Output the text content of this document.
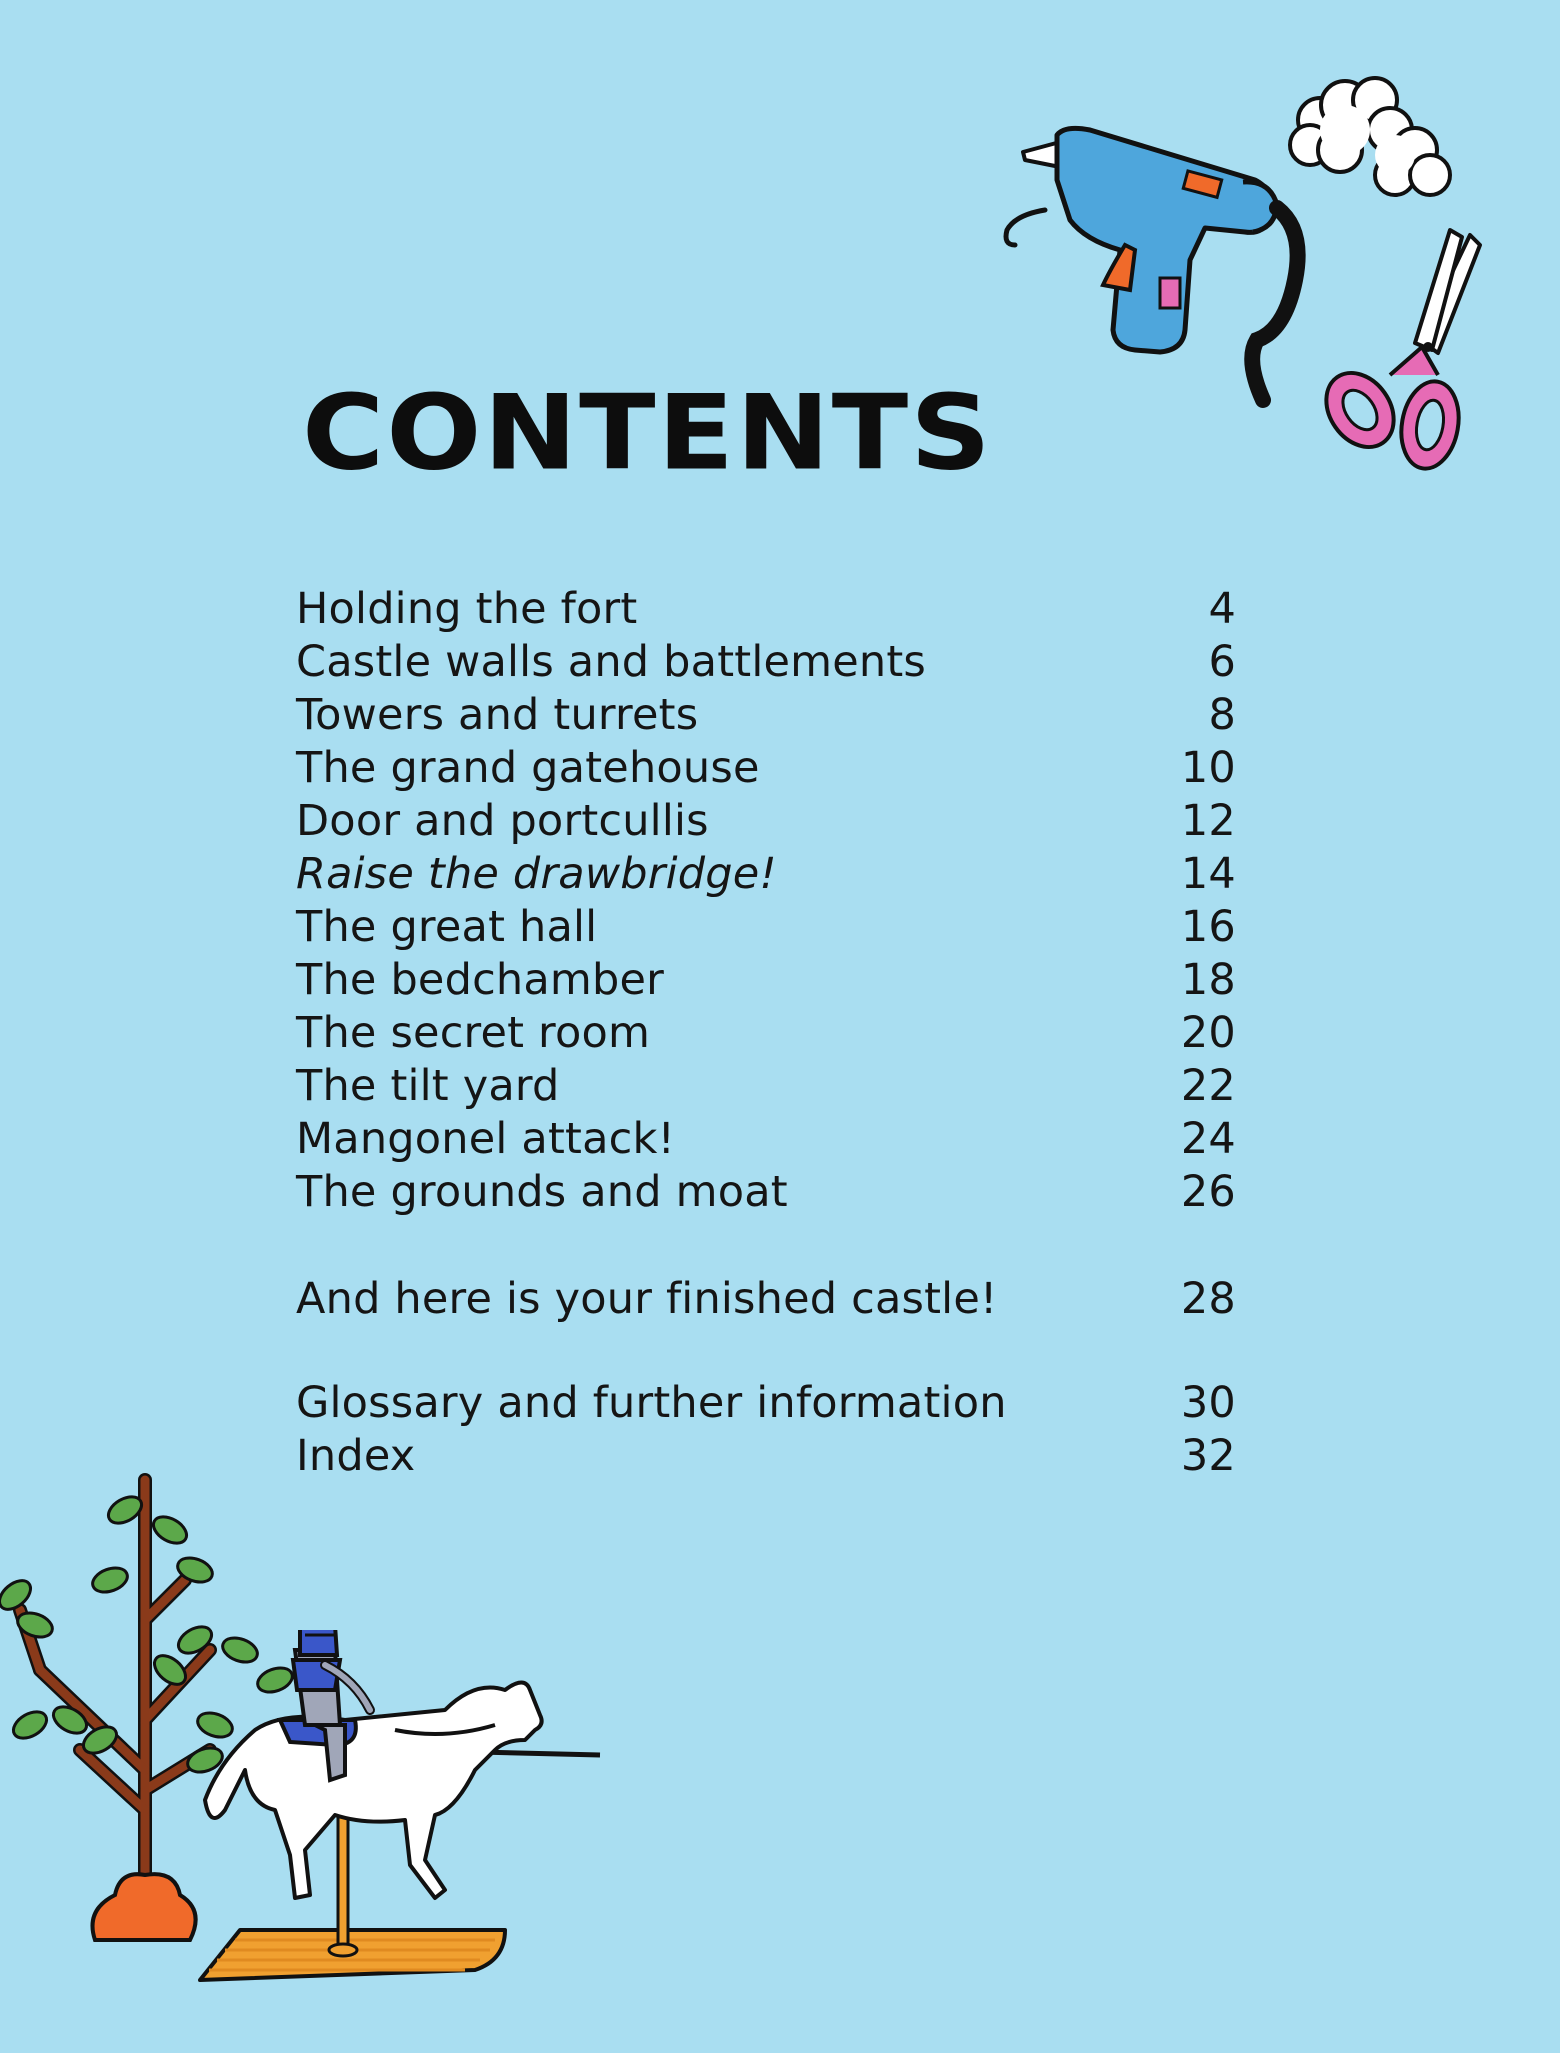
CONTENTS
Holding the fort	4
Castle walls and battlements	6
Towers and turrets	8
The grand gatehouse	10
Door and portcullis	12
Raise the drawbridge!	14
The great hall	16
The bedchamber	18
The secret room	20
The tilt yard	22
Mangonel attack!	24
The grounds and moat	26
And here is your finished castle!	28
Glossary and further information	30
Index	32
